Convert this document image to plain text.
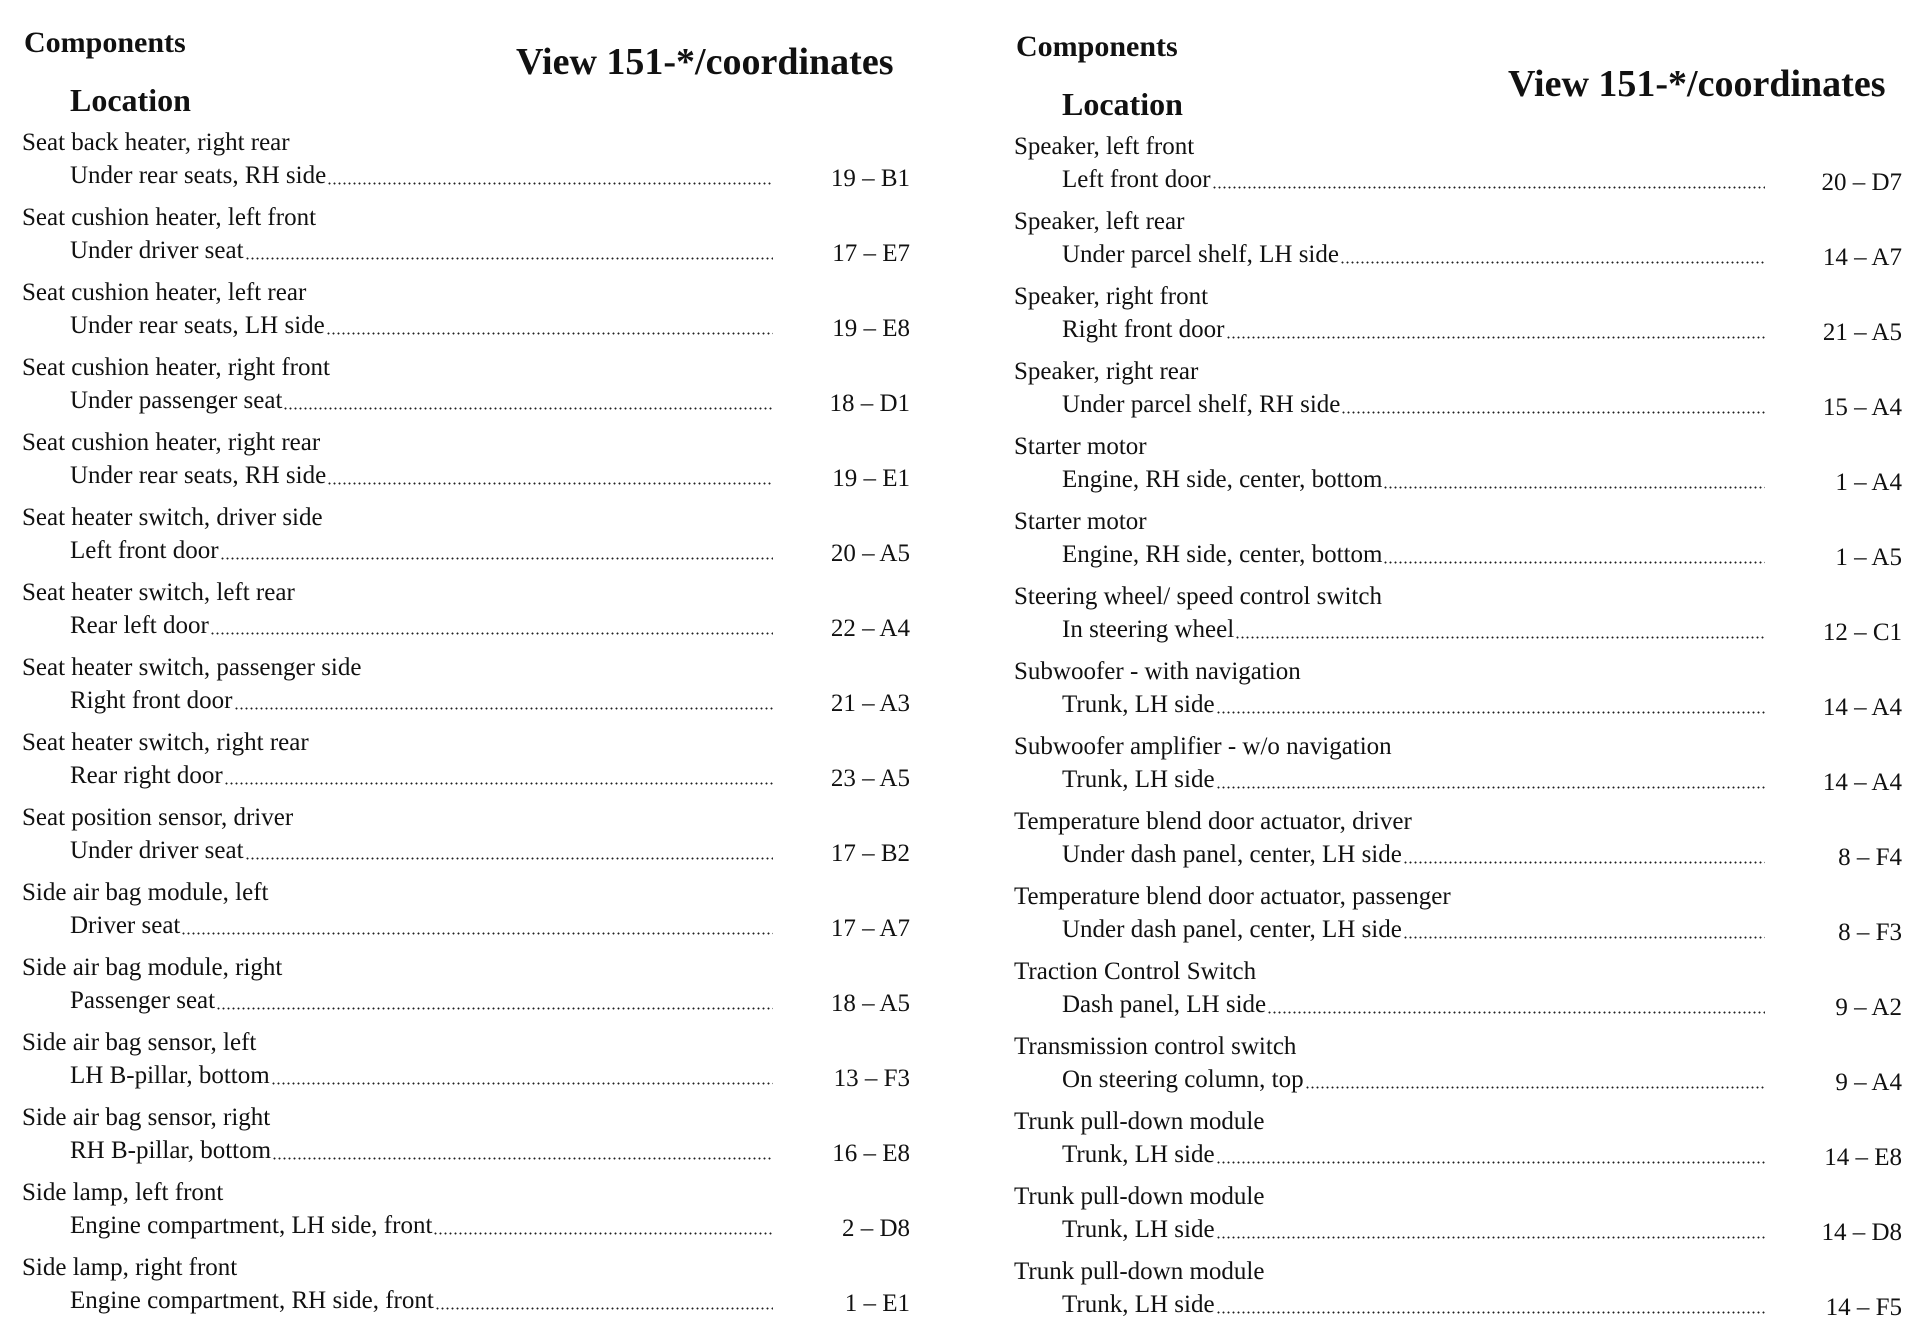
Components
Location
View 151-*/coordinates
Seat back heater, right rear
Under rear seats, RH side	19 – B1
Seat cushion heater, left front
Under driver seat	17 – E7
Seat cushion heater, left rear
Under rear seats, LH side	19 – E8
Seat cushion heater, right front
Under passenger seat	18 – D1
Seat cushion heater, right rear
Under rear seats, RH side	19 – E1
Seat heater switch, driver side
Left front door	20 – A5
Seat heater switch, left rear
Rear left door	22 – A4
Seat heater switch, passenger side
Right front door	21 – A3
Seat heater switch, right rear
Rear right door	23 – A5
Seat position sensor, driver
Under driver seat	17 – B2
Side air bag module, left
Driver seat	17 – A7
Side air bag module, right
Passenger seat	18 – A5
Side air bag sensor, left
LH B-pillar, bottom	13 – F3
Side air bag sensor, right
RH B-pillar, bottom	16 – E8
Side lamp, left front
Engine compartment, LH side, front	2 – D8
Side lamp, right front
Engine compartment, RH side, front	1 – E1
Components
Location	View 151-*/coordinates
Speaker, left front
Left front door	20 – D7
Speaker, left rear
Under parcel shelf, LH side	14 – A7
Speaker, right front
Right front door	21 – A5
Speaker, right rear
Under parcel shelf, RH side	15 – A4
Starter motor
Engine, RH side, center, bottom	1 – A4
Starter motor
Engine, RH side, center, bottom	1 – A5
Steering wheel/ speed control switch
In steering wheel	12 – C1
Subwoofer - with navigation
Trunk, LH side	14 – A4
Subwoofer amplifier - w/o navigation
Trunk, LH side	14 – A4
Temperature blend door actuator, driver
Under dash panel, center, LH side	8 – F4
Temperature blend door actuator, passenger
Under dash panel, center, LH side	8 – F3
Traction Control Switch
Dash panel, LH side	9 – A2
Transmission control switch
On steering column, top	9 – A4
Trunk pull-down module
Trunk, LH side	14 – E8
Trunk pull-down module
Trunk, LH side	14 – D8
Trunk pull-down module
Trunk, LH side	14 – F5
